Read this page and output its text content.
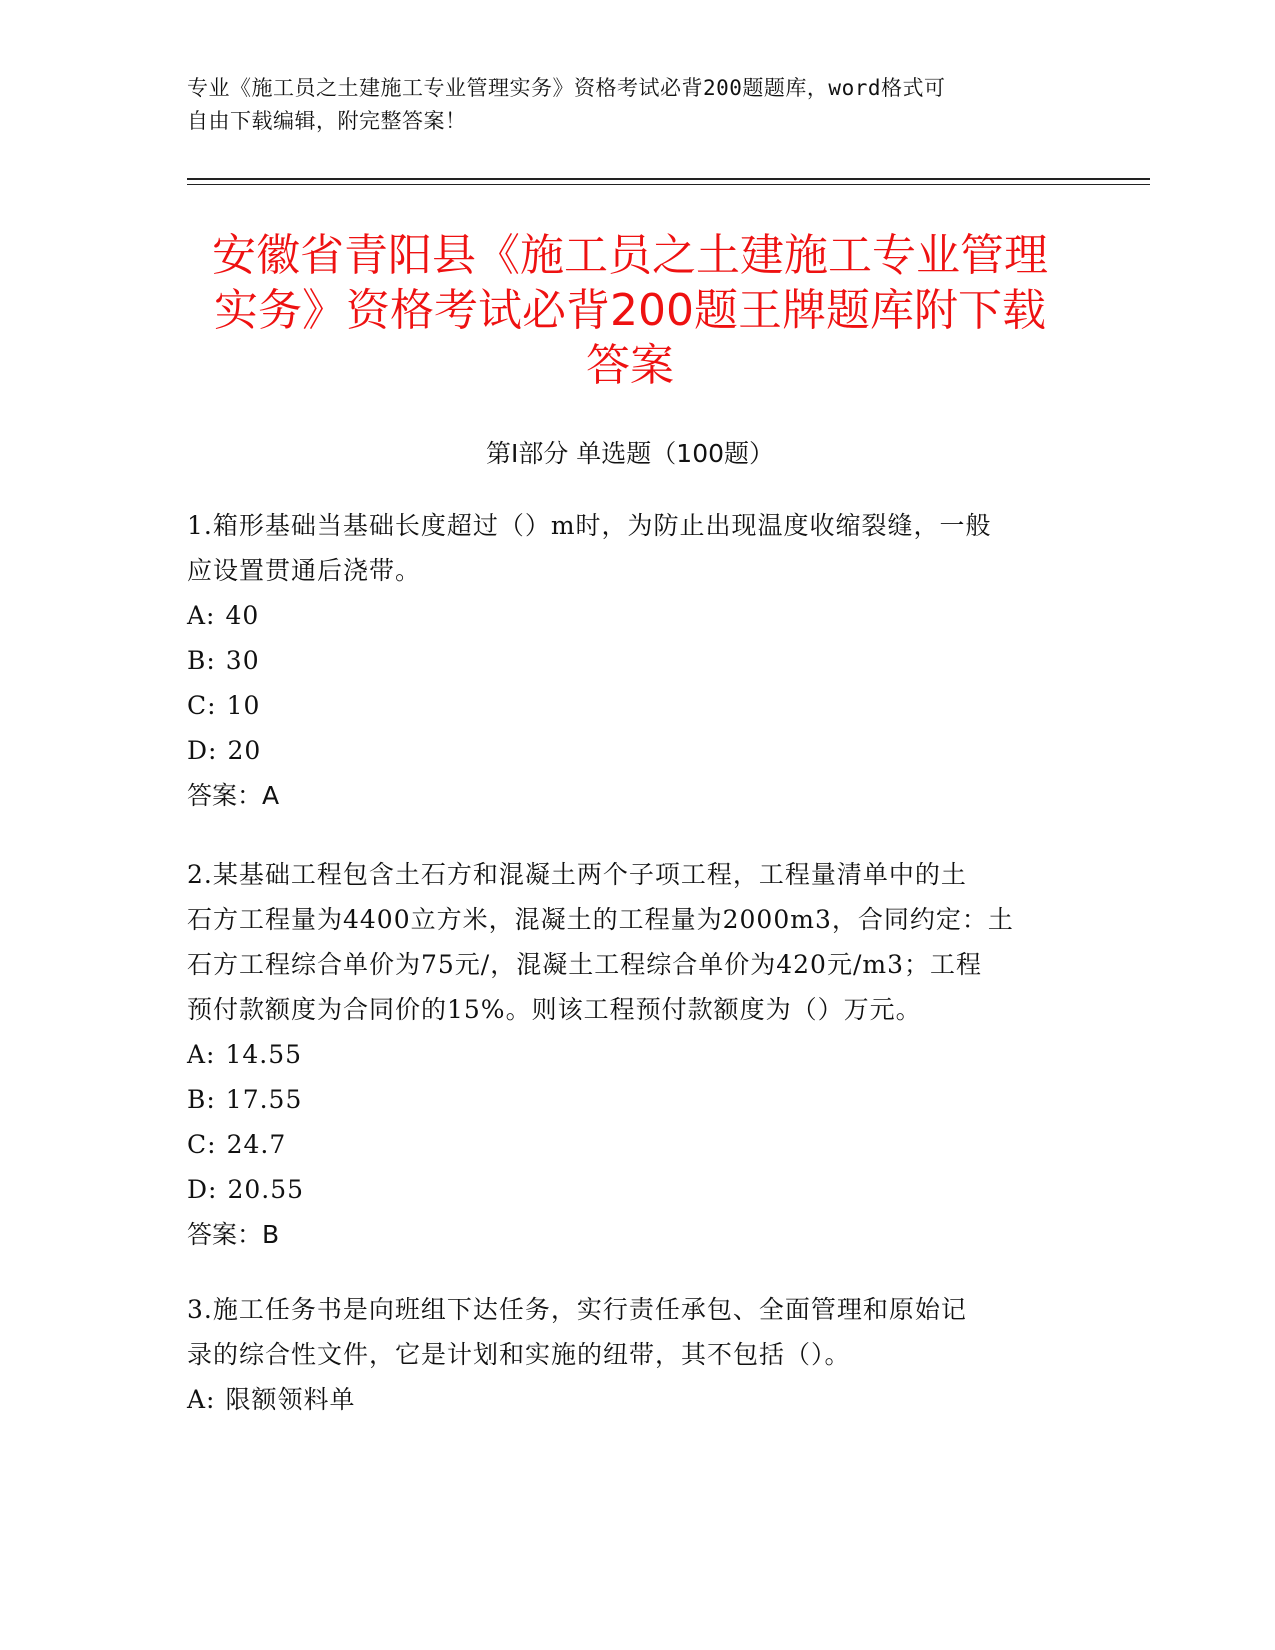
专业《施工员之土建施工专业管理实务》资格考试必背200题题库，word格式可
自由下载编辑，附完整答案！
安徽省青阳县《施工员之土建施工专业管理
实务》资格考试必背200题王牌题库附下载
答案
第Ⅰ部分 单选题（100题）

1.箱形基础当基础长度超过（）m时，为防止出现温度收缩裂缝，一般
应设置贯通后浇带。

A: 40

B: 30

C: 10

D: 20

答案：A

2.某基础工程包含土石方和混凝土两个子项工程，工程量清单中的土
石方工程量为4400立方米，混凝土的工程量为2000m3，合同约定：土
石方工程综合单价为75元/，混凝土工程综合单价为420元/m3；工程
预付款额度为合同价的15%。则该工程预付款额度为（）万元。

A: 14.55

B: 17.55

C: 24.7

D: 20.55

答案：B

3.施工任务书是向班组下达任务，实行责任承包、全面管理和原始记
录的综合性文件，它是计划和实施的纽带，其不包括（）。

A: 限额领料单
